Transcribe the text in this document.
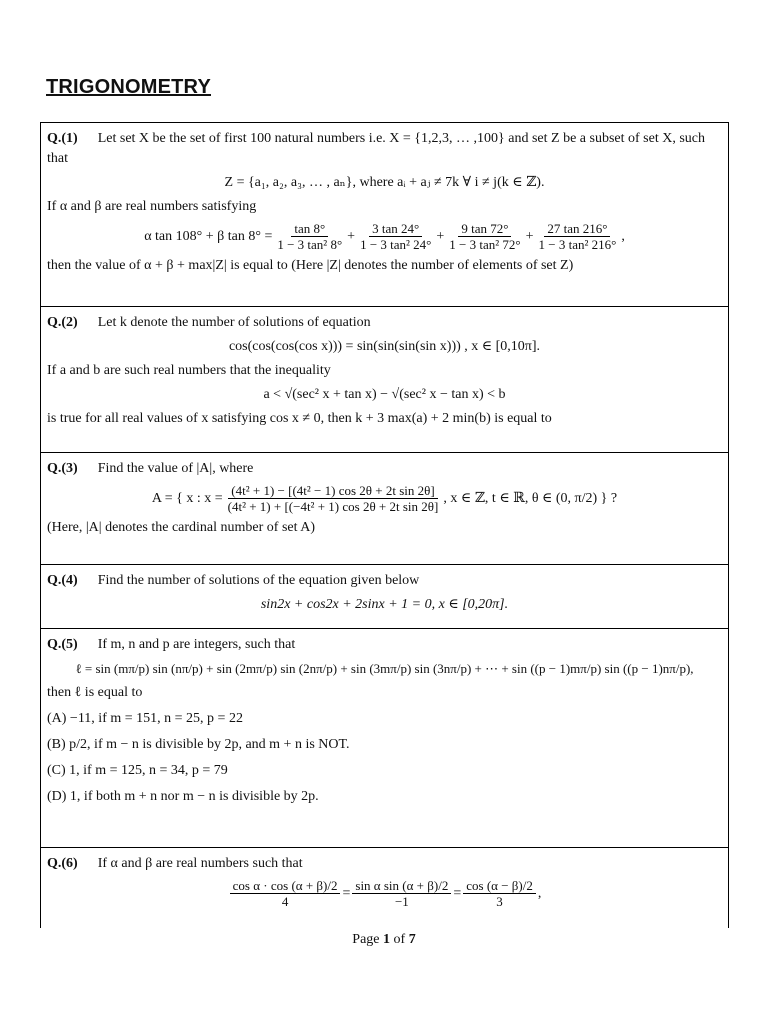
TRIGONOMETRY
Q.(1) Let set X be the set of first 100 natural numbers i.e. X = {1,2,3, … ,100} and set Z be a subset of set X, such that
Z = {a₁, a₂, a₃, … , aₙ}, where aᵢ + aⱼ ≠ 7k ∀ i ≠ j(k ∈ ℤ).
If α and β are real numbers satisfying
α tan 108° + β $\tan 8^\circ = \frac{\tan 8^\circ}{\text{1 − 3 tan² 8°}} + \frac{3 \tan 24^\circ}{\text{1 − 3 tan² 24°}} + \frac{9 \tan 72^\circ}{\text{1 − 3 tan² 72°}} + \frac{27 \tan 216^\circ}{\text{1 − 3 tan² 216°}}$ ,
then the value of α + β + max|Z| is equal to (Here |Z| denotes the number of elements of set Z)
Q.(2) Let k denote the number of solutions of equation
cos(cos(cos(cos x))) = sin(sin(sin(sin x))) , x ∈ [0,10π].
If a and b are such real numbers that the inequality
a < √(sec² x + tan x) − √(sec² x − tan x) < b
is true for all real values of x satisfying cos x ≠ 0, then k + 3 max(a) + 2 min(b) is equal to
Q.(3) Find the value of |A|, where
A = { x : $x = \frac{\text{(4t² + 1) − [(4t² − 1) cos 2θ + 2t sin 2θ]}}{\text{(4t² + 1) + [(−4t² + 1) cos 2θ + 2t sin 2θ]}}$ , x ∈ ℤ, t ∈ ℝ, θ ∈ (0, π/2) } ?
(Here, |A| denotes the cardinal number of set A)
Q.(4) Find the number of solutions of the equation given below
sin2x + cos2x + 2sinx + 1 = 0, x ∈ [0,20π].
Q.(5) If m, n and p are integers, such that
ℓ = sin (mπ/p) sin (nπ/p) + sin (2mπ/p) sin (2nπ/p) + sin (3mπ/p) sin (3nπ/p) + ⋯ + sin ((p − 1)mπ/p) sin ((p − 1)nπ/p),
then ℓ is equal to
(A) −11, if m = 151, n = 25, p = 22
(B) p/2, if m − n is divisible by 2p, and m + n is NOT.
(C) 1, if m = 125, n = 34, p = 79
(D) 1, if both m + n nor m − n is divisible by 2p.
Q.(6) If α and β are real numbers such that
$\frac{\text{cos α · cos (α + β)/2}}{4} = \frac{\text{sin α sin (α + β)/2}}{-1} = \frac{\cos (\alpha - \beta)/2}{3}$ ,
Page 1 of 7
